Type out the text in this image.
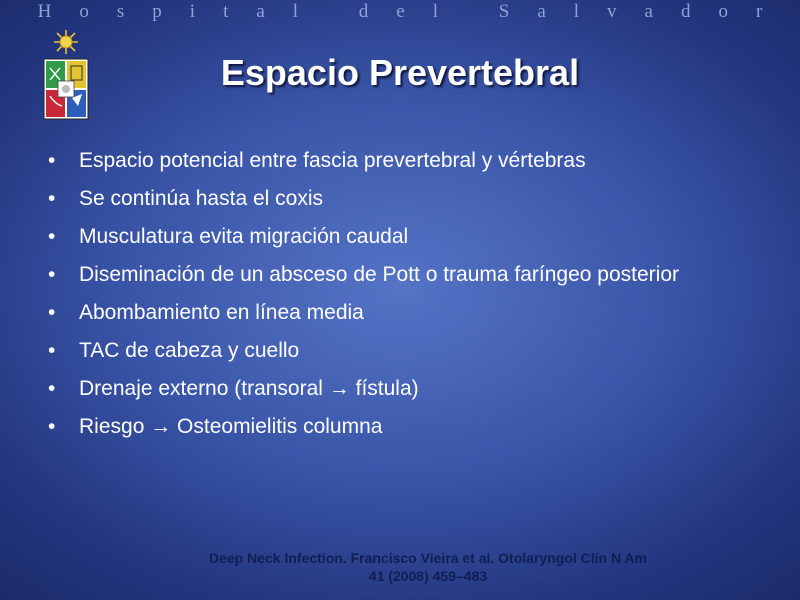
Hospital del Salvador
Espacio Prevertebral
• Espacio potencial entre fascia prevertebral y vértebras
• Se continúa hasta el coxis
• Musculatura evita migración caudal
• Diseminación de un absceso de Pott o trauma faríngeo posterior
• Abombamiento en línea media
• TAC de cabeza y cuello
• Drenaje externo (transoral → fístula)
• Riesgo → Osteomielitis columna
Deep Neck Infection. Francisco Vieira et al. Otolaryngol Clin N Am
41 (2008) 459–483
